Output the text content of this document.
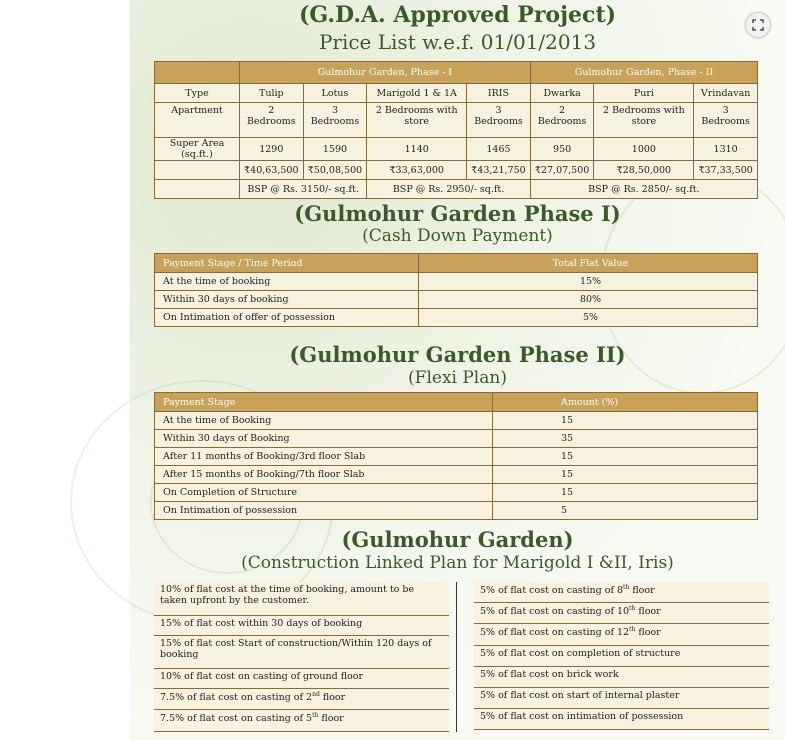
(G.D.A. Approved Project)
Price List w.e.f. 01/01/2013
	Gulmohur Garden, Phase - I				Gulmohur Garden, Phase - II		
Type	Tulip	Lotus	Marigold 1 & 1A	IRIS	Dwarka	Puri	Vrindavan
Apartment	2 Bedrooms	3 Bedrooms	2 Bedrooms with store	3 Bedrooms	2 Bedrooms	2 Bedrooms with store	3 Bedrooms
Super Area (sq.ft.)	1290	1590	1140	1465	950	1000	1310
	₹40,63,500	₹50,08,500	₹33,63,000	₹43,21,750	₹27,07,500	₹28,50,000	₹37,33,500
	BSP @ Rs. 3150/- sq.ft.		BSP @ Rs. 2950/- sq.ft.		BSP @ Rs. 2850/- sq.ft.		
(Gulmohur Garden Phase I)
(Cash Down Payment)
Payment Stage / Time Period	Total Flat Value
At the time of booking	15%
Within 30 days of booking	80%
On Intimation of offer of possession	5%
(Gulmohur Garden Phase II)
(Flexi Plan)
Payment Stage	Amount (%)
At the time of Booking	15
Within 30 days of Booking	35
After 11 months of Booking/3rd floor Slab	15
After 15 months of Booking/7th floor Slab	15
On Completion of Structure	15
On Intimation of possession	5
(Gulmohur Garden)
(Construction Linked Plan for Marigold I &II, Iris)
10% of flat cost at the time of booking, amount to be taken upfront by the customer.
15% of flat cost within 30 days of booking
15% of flat cost Start of construction/Within 120 days of booking
10% of flat cost on casting of ground floor
7.5% of flat cost on casting of 2nd floor
7.5% of flat cost on casting of 5th floor
5% of flat cost on casting of 8th floor
5% of flat cost on casting of 10th floor
5% of flat cost on casting of 12th floor
5% of flat cost on completion of structure
5% of flat cost on brick work
5% of flat cost on start of internal plaster
5% of flat cost on intimation of possession
